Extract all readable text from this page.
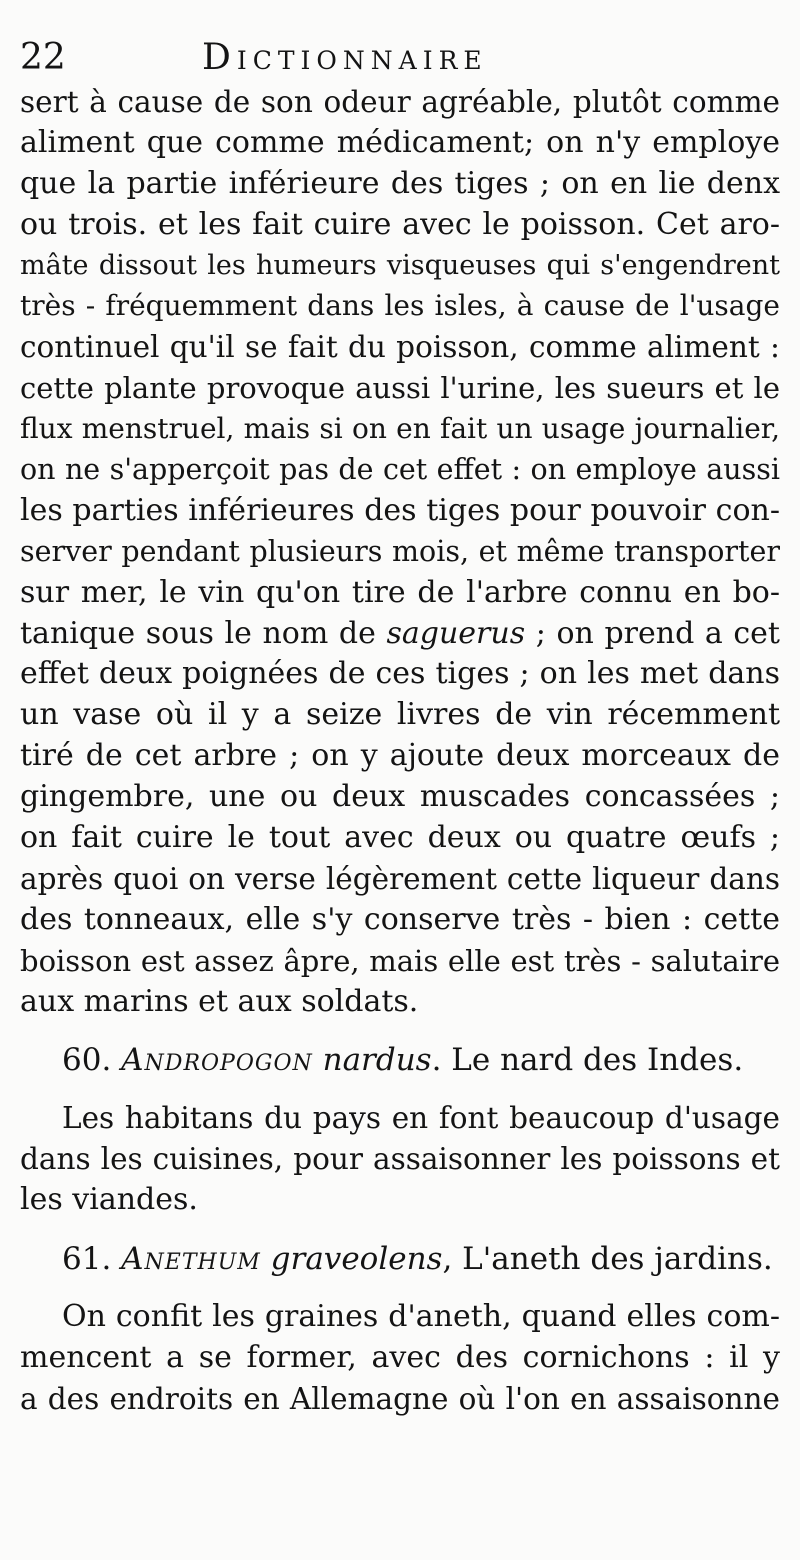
22	Dictionnaire
sert à cause de son odeur agréable, plutôt comme
aliment que comme médicament; on n'y employe
que la partie inférieure des tiges ; on en lie denx
ou trois. et les fait cuire avec le poisson. Cet aro-
mâte dissout les humeurs visqueuses qui s'engendrent
très - fréquemment dans les isles, à cause de l'usage
continuel qu'il se fait du poisson, comme aliment :
cette plante provoque aussi l'urine, les sueurs et le
flux menstruel, mais si on en fait un usage journalier,
on ne s'apperçoit pas de cet effet : on employe aussi
les parties inférieures des tiges pour pouvoir con-
server pendant plusieurs mois, et même transporter
sur mer, le vin qu'on tire de l'arbre connu en bo-
tanique sous le nom de saguerus ; on prend a cet
effet deux poignées de ces tiges ; on les met dans
un vase où il y a seize livres de vin récemment
tiré de cet arbre ; on y ajoute deux morceaux de
gingembre, une ou deux muscades concassées ;
on fait cuire le tout avec deux ou quatre œufs ;
après quoi on verse légèrement cette liqueur dans
des tonneaux, elle s'y conserve très - bien : cette
boisson est assez âpre, mais elle est très - salutaire
aux marins et aux soldats.
60. Andropogon nardus. Le nard des Indes.
Les habitans du pays en font beaucoup d'usage
dans les cuisines, pour assaisonner les poissons et
les viandes.
61. Anethum graveolens, L'aneth des jardins.
On confit les graines d'aneth, quand elles com-
mencent a se former, avec des cornichons : il y
a des endroits en Allemagne où l'on en assaisonne
